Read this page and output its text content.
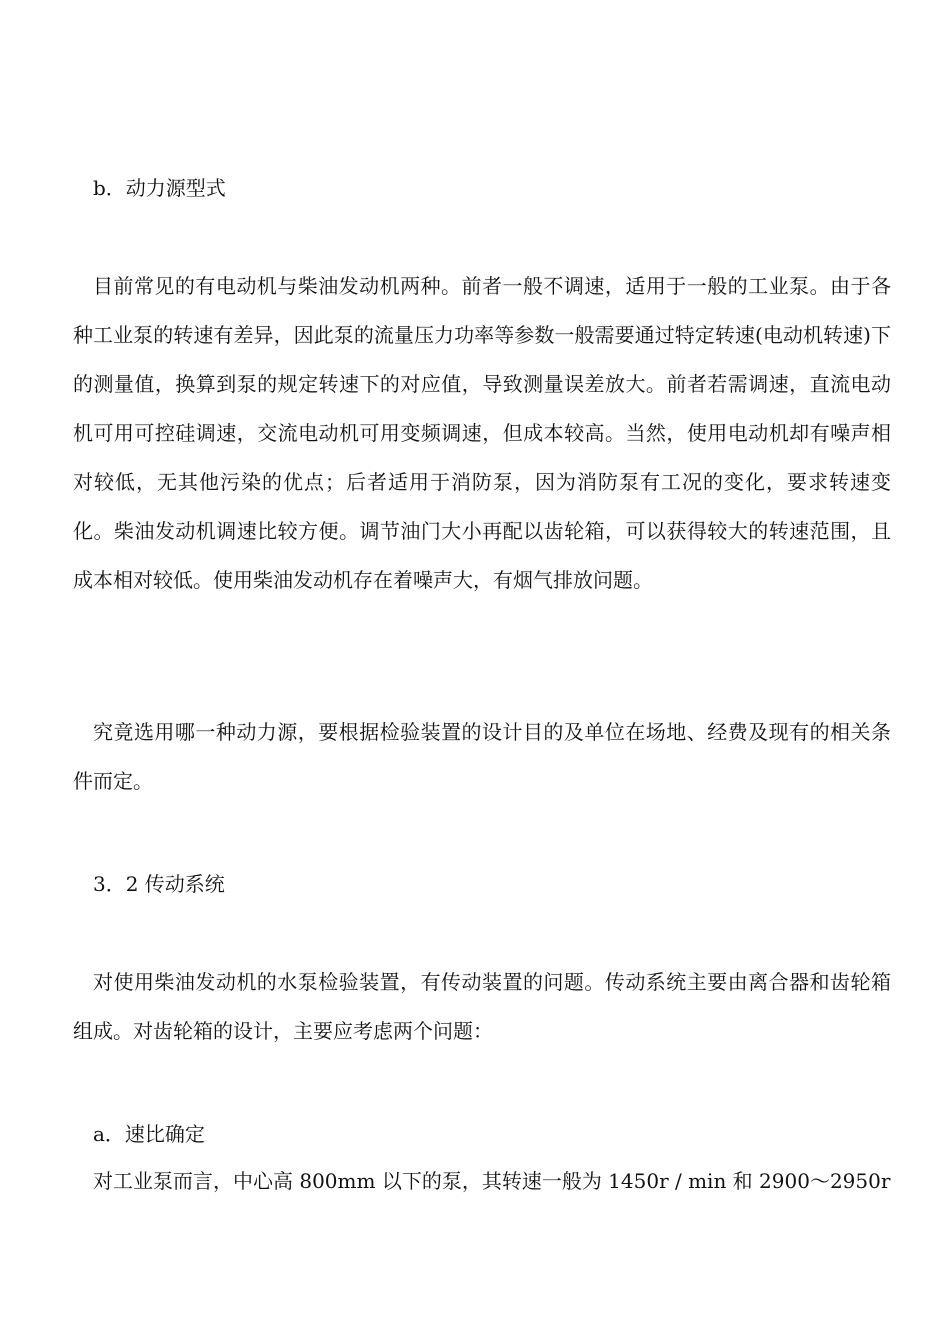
b．动力源型式

目前常见的有电动机与柴油发动机两种。前者一般不调速，适用于一般的工业泵。由于各种工业泵的转速有差异，因此泵的流量压力功率等参数一般需要通过特定转速(电动机转速)下的测量值，换算到泵的规定转速下的对应值，导致测量误差放大。前者若需调速，直流电动机可用可控硅调速，交流电动机可用变频调速，但成本较高。当然，使用电动机却有噪声相对较低，无其他污染的优点；后者适用于消防泵，因为消防泵有工况的变化，要求转速变化。柴油发动机调速比较方便。调节油门大小再配以齿轮箱，可以获得较大的转速范围，且成本相对较低。使用柴油发动机存在着噪声大，有烟气排放问题。

究竟选用哪一种动力源，要根据检验装置的设计目的及单位在场地、经费及现有的相关条件而定。

3．2 传动系统

对使用柴油发动机的水泵检验装置，有传动装置的问题。传动系统主要由离合器和齿轮箱组成。对齿轮箱的设计，主要应考虑两个问题：

a．速比确定

对工业泵而言，中心高 800mm 以下的泵，其转速一般为 1450r / min 和 2900～2950r
